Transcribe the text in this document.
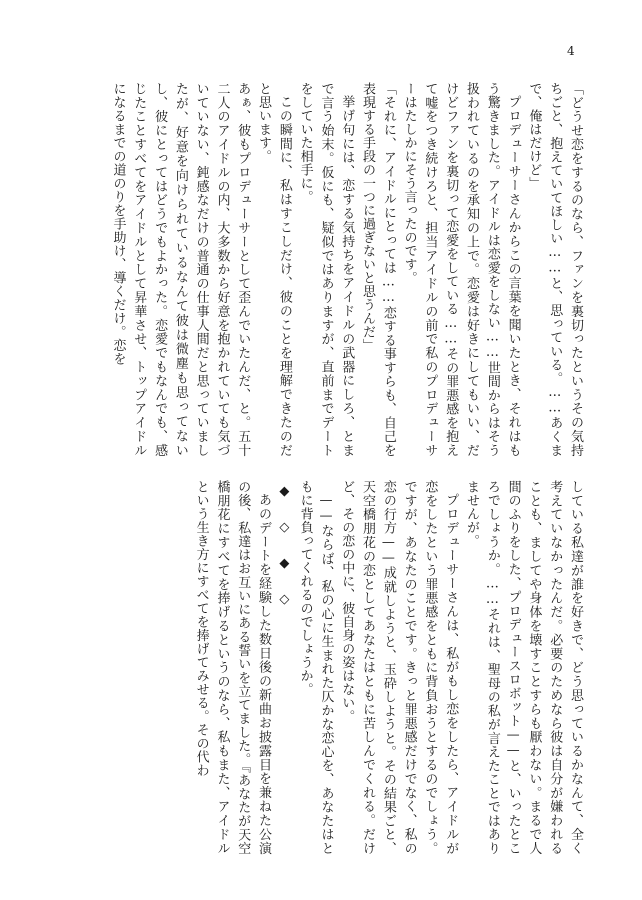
4
「どうせ恋をするのなら、ファンを裏切ったというその気持ちごと、抱えていてほしい……と、思っている。……あくまで、俺はだけど」
プロデューサーさんからこの言葉を聞いたとき、それはもう驚きました。アイドルは恋愛をしない……世間からはそう扱われているのを承知の上で。恋愛は好きにしてもいい、だけどファンを裏切って恋愛をしている……その罪悪感を抱えて嘘をつき続けろと、担当アイドルの前で私のプロデューサーはたしかにそう言ったのです。
「それに、アイドルにとっては……恋する事すらも、自己を表現する手段の一つに過ぎないと思うんだ」
挙げ句には、恋する気持ちをアイドルの武器にしろ、とまで言う始末。仮にも、疑似ではありますが、直前までデートをしていた相手に。
この瞬間に、私はすこしだけ、彼のことを理解できたのだと思います。
あぁ、彼もプロデューサーとして歪んでいたんだ、と。五十二人のアイドルの内、大多数から好意を抱かれていても気づいていない、鈍感なだけの普通の仕事人間だと思っていましたが、好意を向けられているなんて彼は微塵も思ってないし、彼にとってはどうでもよかった。恋愛でもなんでも、感じたことすべてをアイドルとして昇華させ、トップアイドルになるまでの道のりを手助け、導くだけ。恋を
している私達が誰を好きで、どう思っているかなんて、全く考えていなかったんだ。必要のためなら彼は自分が嫌われることも、ましてや身体を壊すことすらも厭わない。まるで人間のふりをした、プロデュースロボット——と、いったところでしょうか。……それは、聖母の私が言えたことではありませんが。
プロデューサーさんは、私がもし恋をしたら、アイドルが恋をしたという罪悪感をともに背負おうとするのでしょう。ですが、あなたのことです。きっと罪悪感だけでなく、私の恋の行方——成就しようと、玉砕しようと。その結果ごと、天空橋朋花の恋としてあなたはともに苦しんでくれる。だけど、その恋の中に、彼自身の姿はない。
——ならば、私の心に生まれた仄かな恋心を、あなたはともに背負ってくれるのでしょうか。
◆　◇　◆　◇
あのデートを経験した数日後の新曲お披露目を兼ねた公演の後、私達はお互いにある誓いを立てました。『あなたが天空橋朋花にすべてを捧げるというのなら、私もまた、アイドルという生き方にすべてを捧げてみせる。その代わ
